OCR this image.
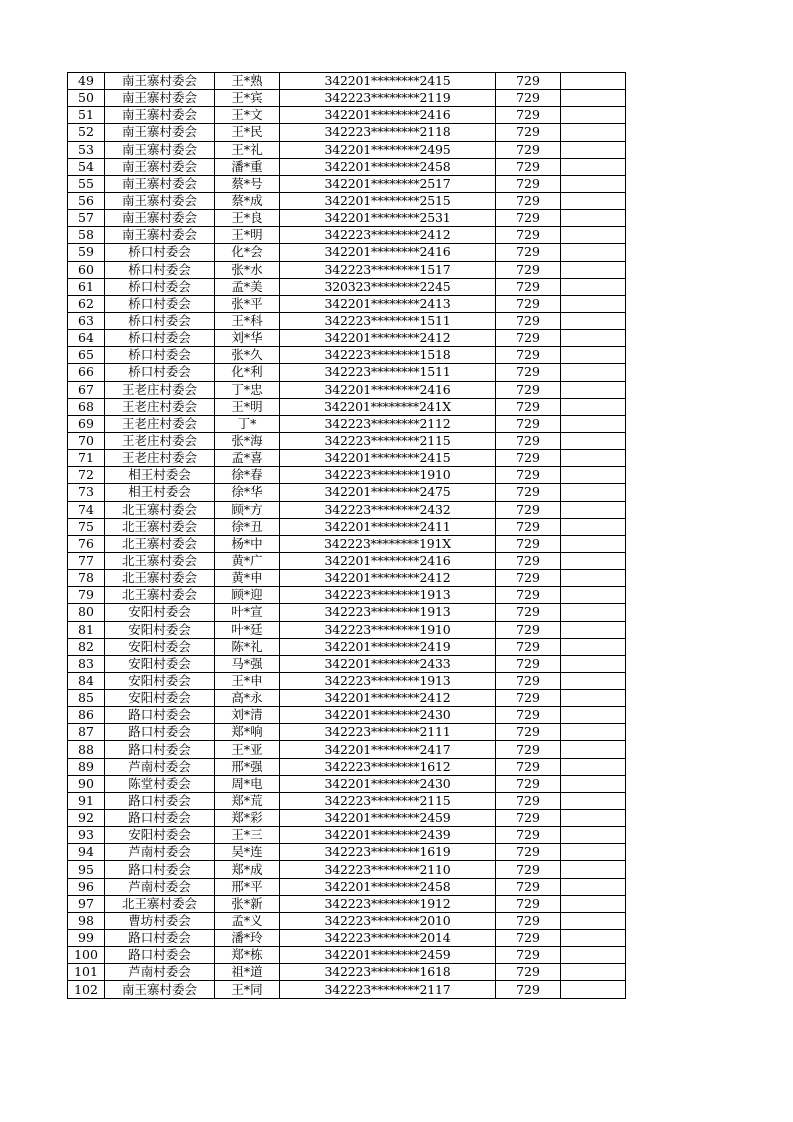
49	南王寨村委会	王*熟	342201********2415	729	
50	南王寨村委会	王*宾	342223********2119	729	
51	南王寨村委会	王*文	342201********2416	729	
52	南王寨村委会	王*民	342223********2118	729	
53	南王寨村委会	王*礼	342201********2495	729	
54	南王寨村委会	潘*重	342201********2458	729	
55	南王寨村委会	蔡*号	342201********2517	729	
56	南王寨村委会	蔡*成	342201********2515	729	
57	南王寨村委会	王*良	342201********2531	729	
58	南王寨村委会	王*明	342223********2412	729	
59	桥口村委会	化*会	342201********2416	729	
60	桥口村委会	张*水	342223********1517	729	
61	桥口村委会	孟*美	320323********2245	729	
62	桥口村委会	张*平	342201********2413	729	
63	桥口村委会	王*科	342223********1511	729	
64	桥口村委会	刘*华	342201********2412	729	
65	桥口村委会	张*久	342223********1518	729	
66	桥口村委会	化*利	342223********1511	729	
67	王老庄村委会	丁*忠	342201********2416	729	
68	王老庄村委会	王*明	342201********241X	729	
69	王老庄村委会	丁*	342223********2112	729	
70	王老庄村委会	张*海	342223********2115	729	
71	王老庄村委会	孟*喜	342201********2415	729	
72	相王村委会	徐*春	342223********1910	729	
73	相王村委会	徐*华	342201********2475	729	
74	北王寨村委会	顾*方	342223********2432	729	
75	北王寨村委会	徐*丑	342201********2411	729	
76	北王寨村委会	杨*中	342223********191X	729	
77	北王寨村委会	黄*广	342201********2416	729	
78	北王寨村委会	黄*申	342201********2412	729	
79	北王寨村委会	顾*迎	342223********1913	729	
80	安阳村委会	叶*宣	342223********1913	729	
81	安阳村委会	叶*廷	342223********1910	729	
82	安阳村委会	陈*礼	342201********2419	729	
83	安阳村委会	马*强	342201********2433	729	
84	安阳村委会	王*申	342223********1913	729	
85	安阳村委会	高*永	342201********2412	729	
86	路口村委会	刘*清	342201********2430	729	
87	路口村委会	郑*响	342223********2111	729	
88	路口村委会	王*亚	342201********2417	729	
89	芦南村委会	邢*强	342223********1612	729	
90	陈堂村委会	周*电	342201********2430	729	
91	路口村委会	郑*荒	342223********2115	729	
92	路口村委会	郑*彩	342201********2459	729	
93	安阳村委会	王*三	342201********2439	729	
94	芦南村委会	吴*连	342223********1619	729	
95	路口村委会	郑*成	342223********2110	729	
96	芦南村委会	邢*平	342201********2458	729	
97	北王寨村委会	张*新	342223********1912	729	
98	曹坊村委会	孟*义	342223********2010	729	
99	路口村委会	潘*玲	342223********2014	729	
100	路口村委会	郑*栋	342201********2459	729	
101	芦南村委会	祖*道	342223********1618	729	
102	南王寨村委会	王*同	342223********2117	729	
